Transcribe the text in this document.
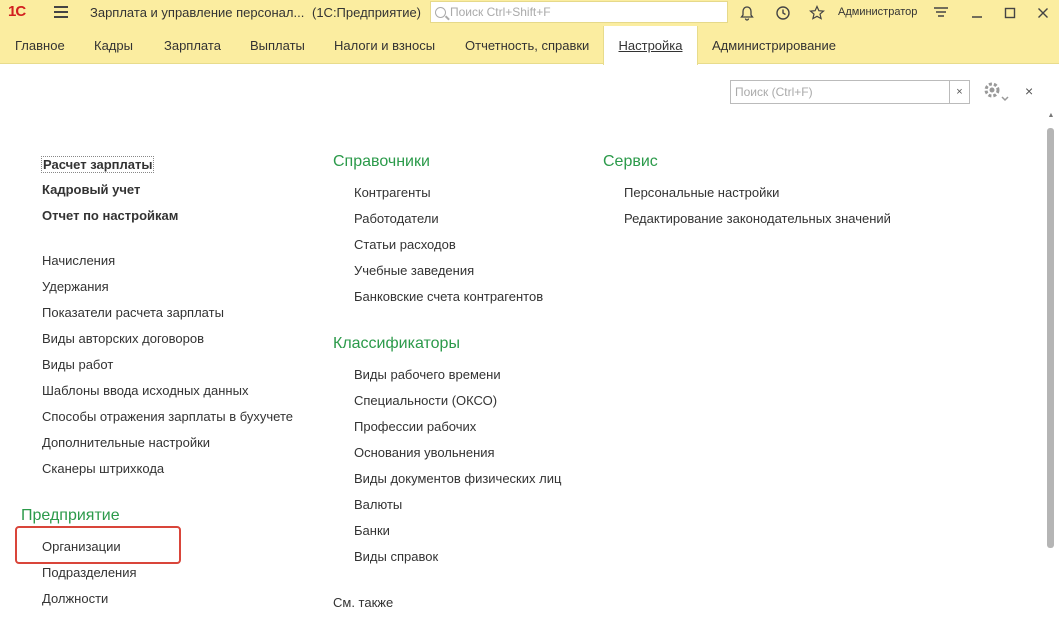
1С	Зарплата и управление персонал... (1С:Предприятие) Поиск Ctrl+Shift+F	Администратор
Главное Кадры Зарплата Выплаты Налоги и взносы Отчетность, справки Настройка Администрирование
Поиск (Ctrl+F)
×	×
▲
Расчет зарплаты
Кадровый учет
Отчет по настройкам
Начисления
Удержания
Показатели расчета зарплаты
Виды авторских договоров
Виды работ
Шаблоны ввода исходных данных
Способы отражения зарплаты в бухучете
Дополнительные настройки
Сканеры штрихкода
Предприятие
Организации
Подразделения
Должности
Справочники
Контрагенты
Работодатели
Статьи расходов
Учебные заведения
Банковские счета контрагентов
Классификаторы
Виды рабочего времени
Специальности (ОКСО)
Профессии рабочих
Основания увольнения
Виды документов физических лиц
Валюты
Банки
Виды справок
См. также
Сервис
Персональные настройки
Редактирование законодательных значений
